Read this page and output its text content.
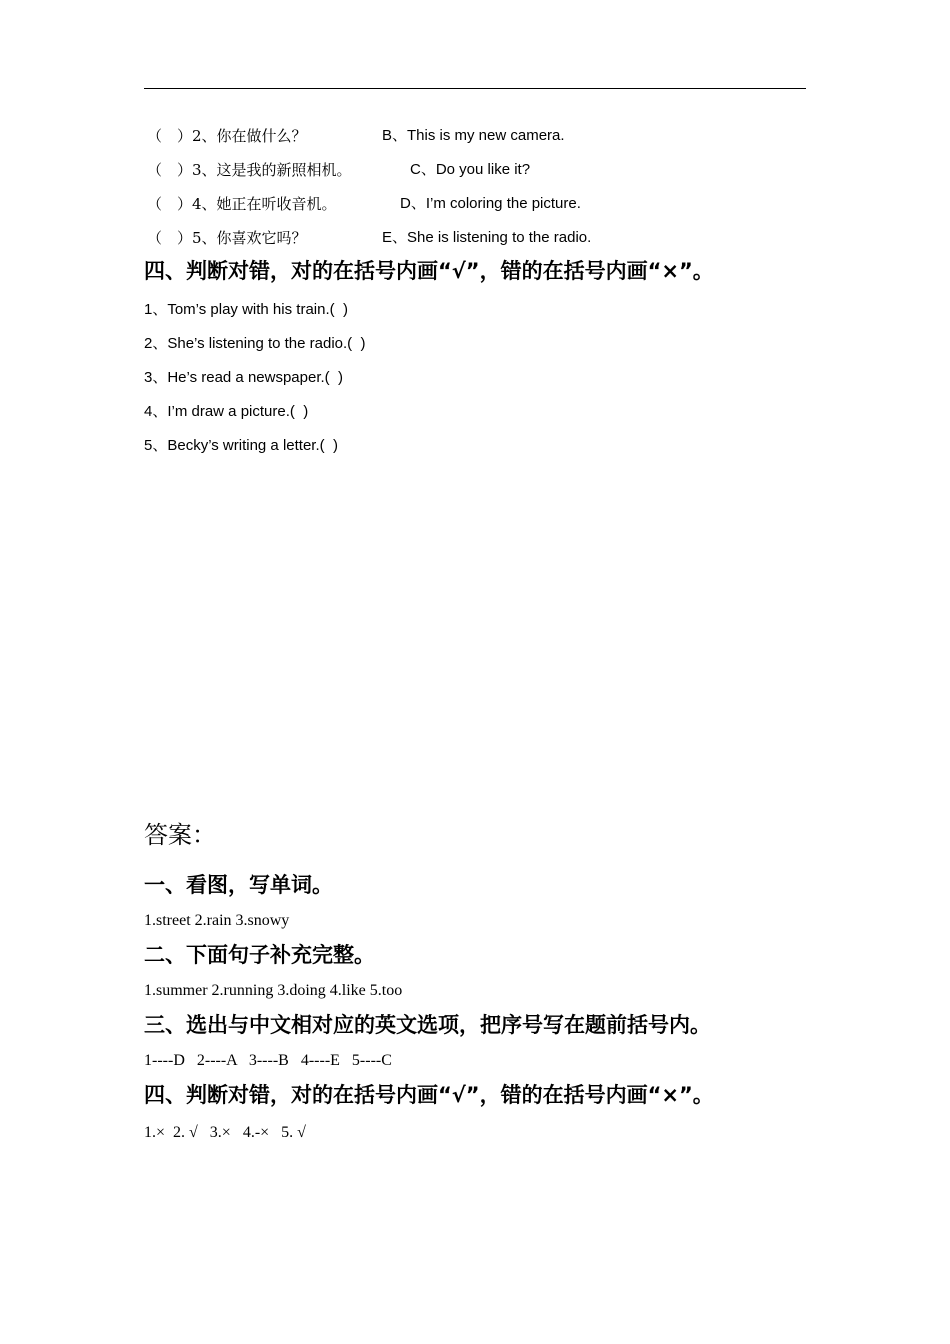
（　）2、你在做什么？	B、This is my new camera.
（　）3、这是我的新照相机。	C、Do you like it?
（　）4、她正在听收音机。	D、I’m coloring the picture.
（　）5、你喜欢它吗？	E、She is listening to the radio.
四、判断对错，对的在括号内画“√”，错的在括号内画“×”。
1、Tom’s play with his train.(  )
2、She’s listening to the radio.(  )
3、He’s read a newspaper.(  )
4、I’m draw a picture.(  )
5、Becky’s writing a letter.(  )
答案：
一、看图，写单词。
1.street 2.rain 3.snowy
二、下面句子补充完整。
1.summer 2.running 3.doing 4.like 5.too
三、选出与中文相对应的英文选项，把序号写在题前括号内。
1----D   2----A   3----B   4----E   5----C
四、判断对错，对的在括号内画“√”，错的在括号内画“×”。
1.×  2. √   3.×   4.-×   5. √
